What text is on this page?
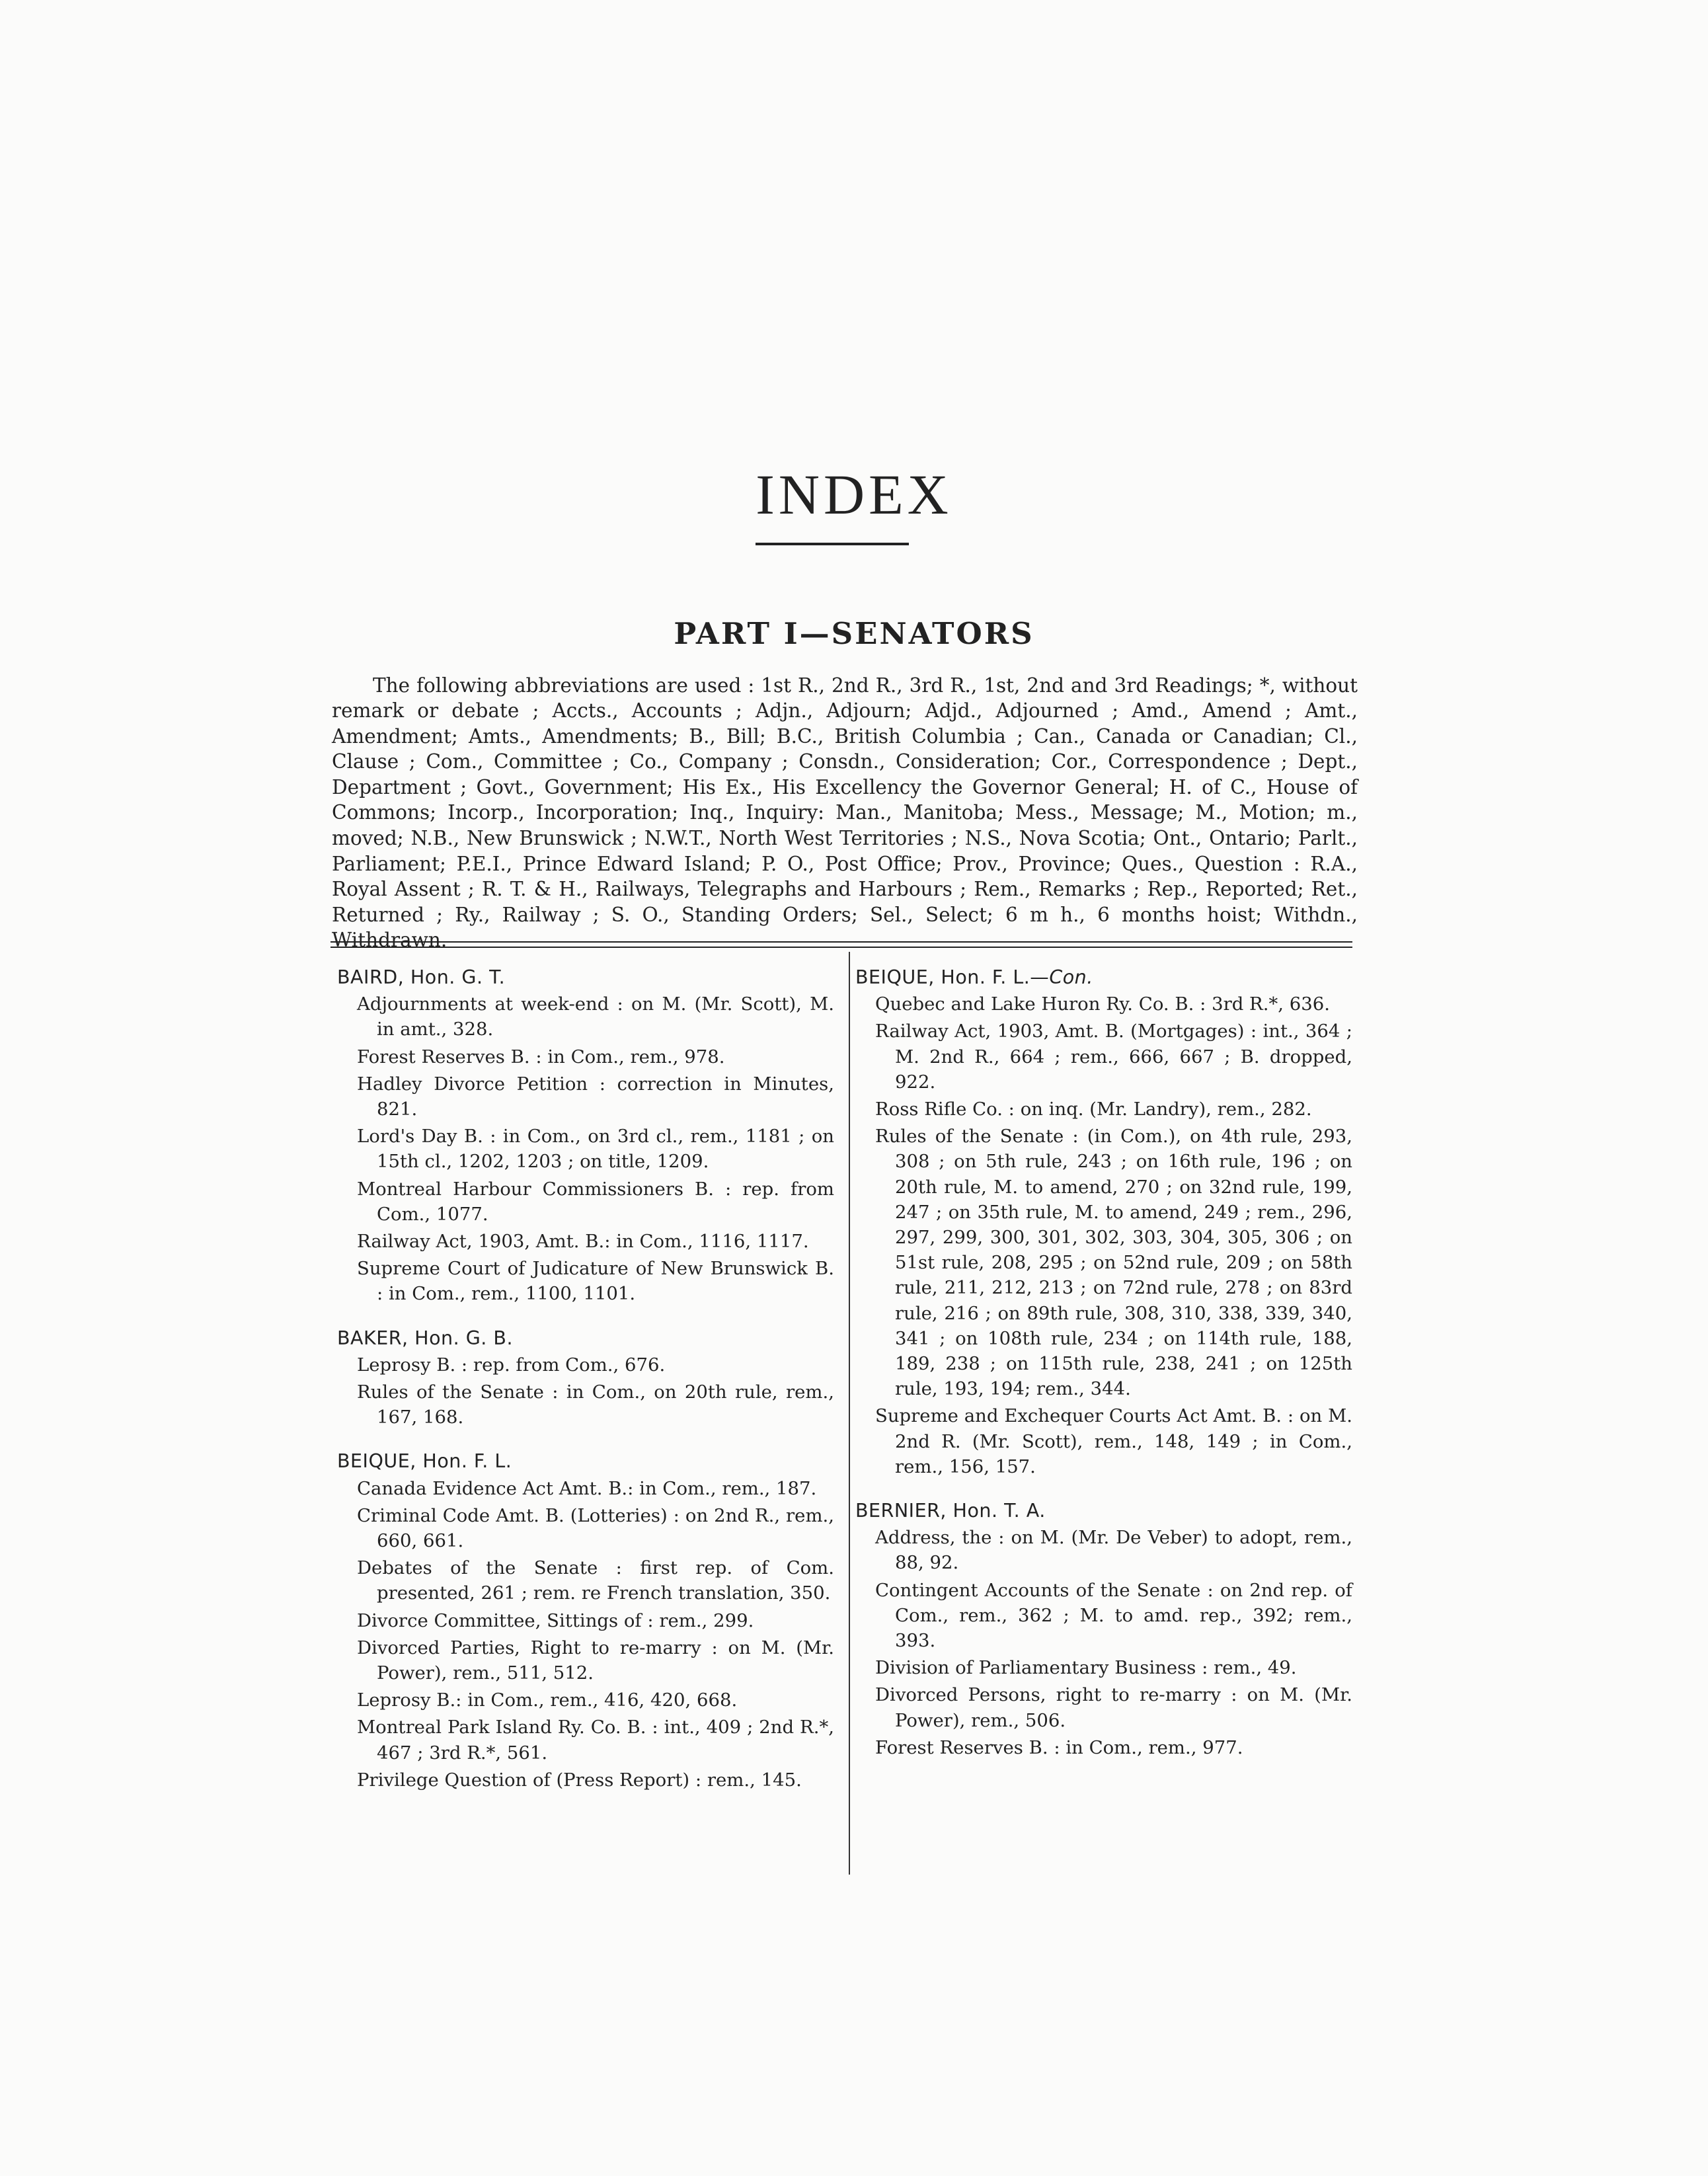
INDEX
PART I—SENATORS

The following abbreviations are used : 1st R., 2nd R., 3rd R., 1st, 2nd and 3rd Readings; *, without remark or debate ; Accts., Accounts ; Adjn., Adjourn; Adjd., Adjourned ; Amd., Amend ; Amt., Amendment; Amts., Amendments; B., Bill; B.C., British Columbia ; Can., Canada or Canadian; Cl., Clause ; Com., Committee ; Co., Company ; Consdn., Consideration; Cor., Correspondence ; Dept., Department ; Govt., Government; His Ex., His Excellency the Governor General; H. of C., House of Commons; Incorp., Incorporation; Inq., Inquiry: Man., Manitoba; Mess., Message; M., Motion; m., moved; N.B., New Brunswick ; N.W.T., North West Territories ; N.S., Nova Scotia; Ont., Ontario; Parlt., Parliament; P.E.I., Prince Edward Island; P. O., Post Office; Prov., Province; Ques., Question : R.A., Royal Assent ; R. T. & H., Railways, Telegraphs and Harbours ; Rem., Remarks ; Rep., Reported; Ret., Returned ; Ry., Railway ; S. O., Standing Orders; Sel., Select; 6 m h., 6 months hoist; Withdn., Withdrawn.

BAIRD, Hon. G. T.

Adjournments at week-end : on M. (Mr. Scott), M. in amt., 328.

Forest Reserves B. : in Com., rem., 978.

Hadley Divorce Petition : correction in Minutes, 821.

Lord's Day B. : in Com., on 3rd cl., rem., 1181 ; on 15th cl., 1202, 1203 ; on title, 1209.

Montreal Harbour Commissioners B. : rep. from Com., 1077.

Railway Act, 1903, Amt. B.: in Com., 1116, 1117.

Supreme Court of Judicature of New Brunswick B. : in Com., rem., 1100, 1101.

BAKER, Hon. G. B.

Leprosy B. : rep. from Com., 676.

Rules of the Senate : in Com., on 20th rule, rem., 167, 168.

BEIQUE, Hon. F. L.

Canada Evidence Act Amt. B.: in Com., rem., 187.

Criminal Code Amt. B. (Lotteries) : on 2nd R., rem., 660, 661.

Debates of the Senate : first rep. of Com. presented, 261 ; rem. re French translation, 350.

Divorce Committee, Sittings of : rem., 299.

Divorced Parties, Right to re-marry : on M. (Mr. Power), rem., 511, 512.

Leprosy B.: in Com., rem., 416, 420, 668.

Montreal Park Island Ry. Co. B. : int., 409 ; 2nd R.*, 467 ; 3rd R.*, 561.

Privilege Question of (Press Report) : rem., 145.

BEIQUE, Hon. F. L.—Con.

Quebec and Lake Huron Ry. Co. B. : 3rd R.*, 636.

Railway Act, 1903, Amt. B. (Mortgages) : int., 364 ; M. 2nd R., 664 ; rem., 666, 667 ; B. dropped, 922.

Ross Rifle Co. : on inq. (Mr. Landry), rem., 282.

Rules of the Senate : (in Com.), on 4th rule, 293, 308 ; on 5th rule, 243 ; on 16th rule, 196 ; on 20th rule, M. to amend, 270 ; on 32nd rule, 199, 247 ; on 35th rule, M. to amend, 249 ; rem., 296, 297, 299, 300, 301, 302, 303, 304, 305, 306 ; on 51st rule, 208, 295 ; on 52nd rule, 209 ; on 58th rule, 211, 212, 213 ; on 72nd rule, 278 ; on 83rd rule, 216 ; on 89th rule, 308, 310, 338, 339, 340, 341 ; on 108th rule, 234 ; on 114th rule, 188, 189, 238 ; on 115th rule, 238, 241 ; on 125th rule, 193, 194; rem., 344.

Supreme and Exchequer Courts Act Amt. B. : on M. 2nd R. (Mr. Scott), rem., 148, 149 ; in Com., rem., 156, 157.

BERNIER, Hon. T. A.

Address, the : on M. (Mr. De Veber) to adopt, rem., 88, 92.

Contingent Accounts of the Senate : on 2nd rep. of Com., rem., 362 ; M. to amd. rep., 392; rem., 393.

Division of Parliamentary Business : rem., 49.

Divorced Persons, right to re-marry : on M. (Mr. Power), rem., 506.

Forest Reserves B. : in Com., rem., 977.
